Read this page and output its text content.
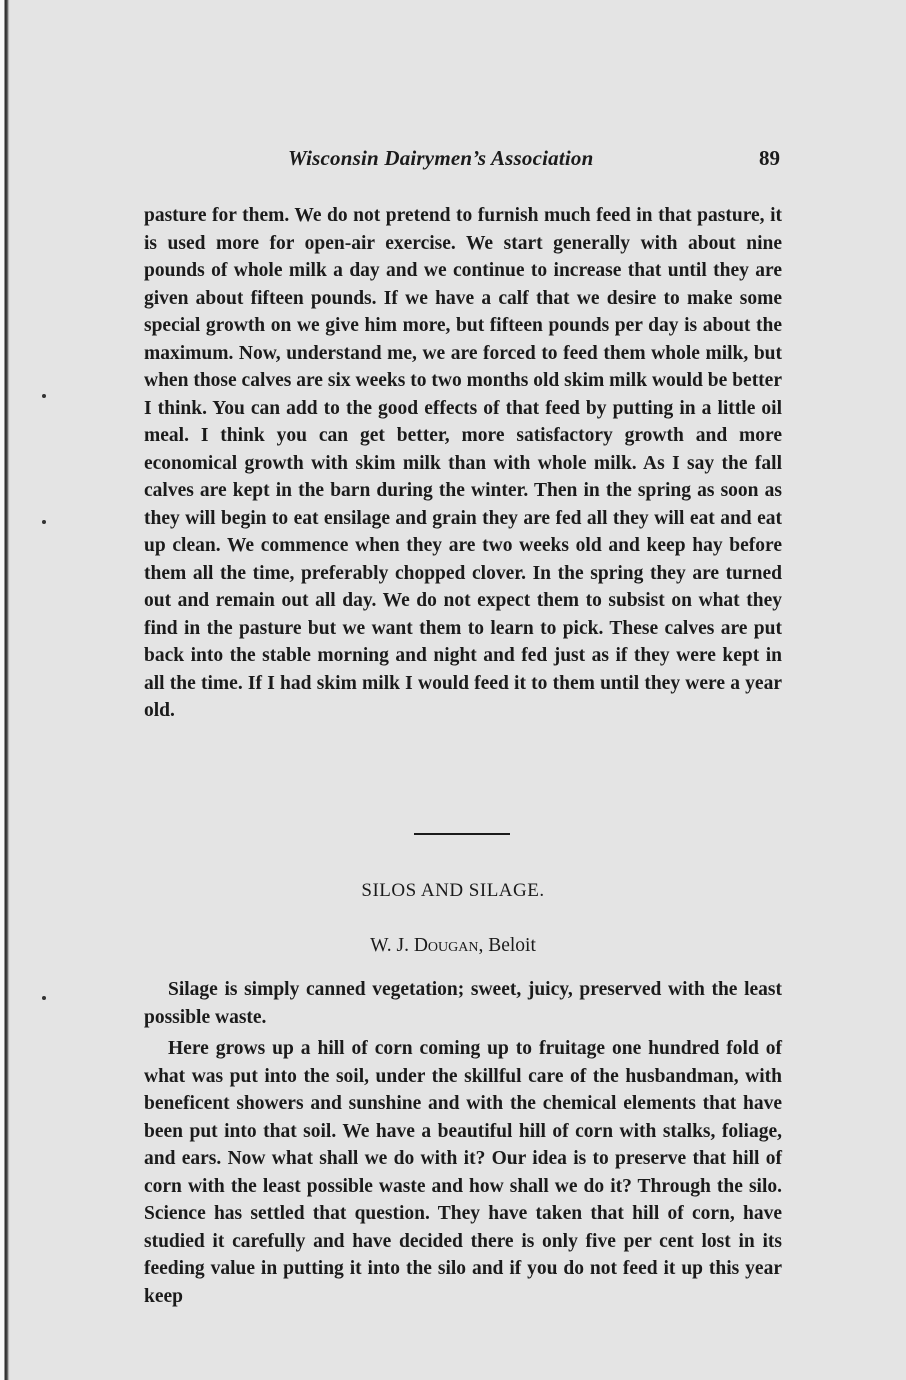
Wisconsin Dairymen’s Association	89

pasture for them. We do not pretend to furnish much feed in that pasture, it is used more for open-air exercise. We start generally with about nine pounds of whole milk a day and we continue to increase that until they are given about fifteen pounds. If we have a calf that we desire to make some special growth on we give him more, but fifteen pounds per day is about the maximum. Now, understand me, we are forced to feed them whole milk, but when those calves are six weeks to two months old skim milk would be better I think. You can add to the good effects of that feed by putting in a little oil meal. I think you can get better, more satisfactory growth and more economical growth with skim milk than with whole milk. As I say the fall calves are kept in the barn during the winter. Then in the spring as soon as they will begin to eat ensilage and grain they are fed all they will eat and eat up clean. We commence when they are two weeks old and keep hay before them all the time, preferably chopped clover. In the spring they are turned out and remain out all day. We do not expect them to subsist on what they find in the pasture but we want them to learn to pick. These calves are put back into the stable morning and night and fed just as if they were kept in all the time. If I had skim milk I would feed it to them until they were a year old.

SILOS AND SILAGE.
W. J. Dougan, Beloit

Silage is simply canned vegetation; sweet, juicy, preserved with the least possible waste.

Here grows up a hill of corn coming up to fruitage one hundred fold of what was put into the soil, under the skillful care of the husbandman, with beneficent showers and sunshine and with the chemical elements that have been put into that soil. We have a beautiful hill of corn with stalks, foliage, and ears. Now what shall we do with it? Our idea is to preserve that hill of corn with the least possible waste and how shall we do it? Through the silo. Science has settled that question. They have taken that hill of corn, have studied it carefully and have decided there is only five per cent lost in its feeding value in putting it into the silo and if you do not feed it up this year keep
